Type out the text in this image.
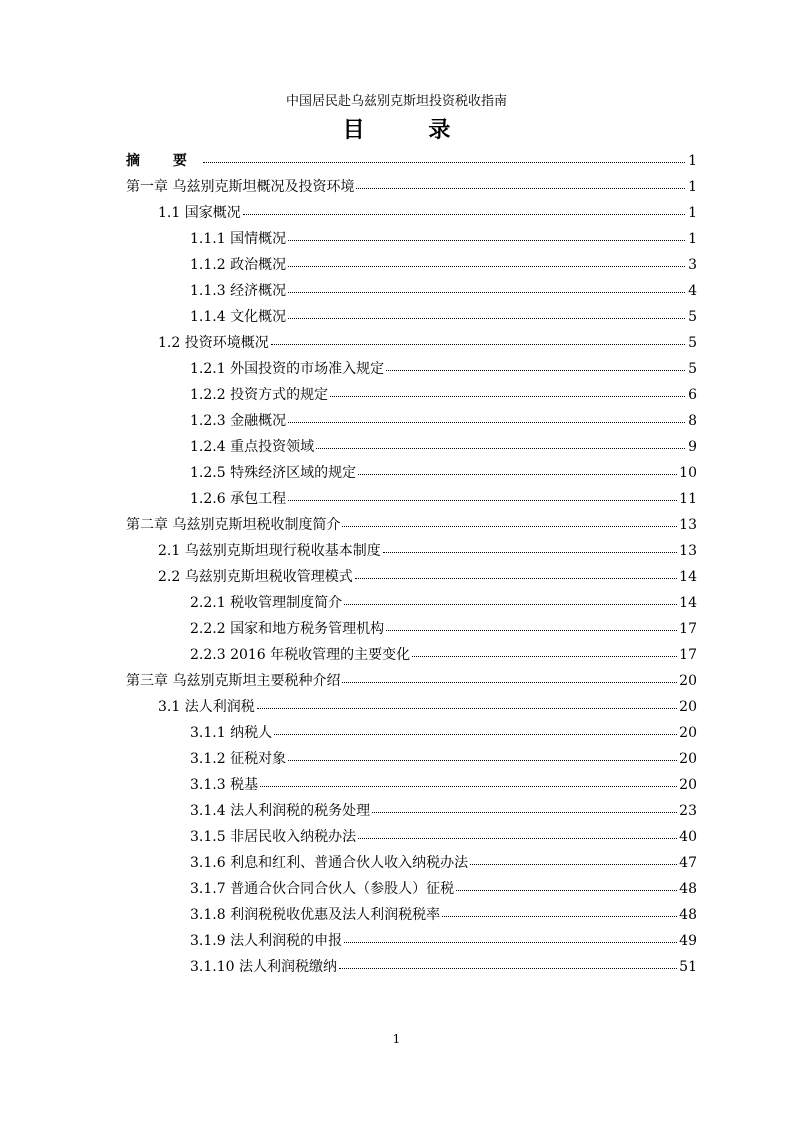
中国居民赴乌兹别克斯坦投资税收指南
目 录
摘 要	1
第一章 乌兹别克斯坦概况及投资环境	1
1.1 国家概况	1
1.1.1 国情概况	1
1.1.2 政治概况	3
1.1.3 经济概况	4
1.1.4 文化概况	5
1.2 投资环境概况	5
1.2.1 外国投资的市场准入规定	5
1.2.2 投资方式的规定	6
1.2.3 金融概况	8
1.2.4 重点投资领域	9
1.2.5 特殊经济区域的规定	10
1.2.6 承包工程	11
第二章 乌兹别克斯坦税收制度简介	13
2.1 乌兹别克斯坦现行税收基本制度	13
2.2 乌兹别克斯坦税收管理模式	14
2.2.1 税收管理制度简介	14
2.2.2 国家和地方税务管理机构	17
2.2.3 2016 年税收管理的主要变化	17
第三章 乌兹别克斯坦主要税种介绍	20
3.1 法人利润税	20
3.1.1 纳税人	20
3.1.2 征税对象	20
3.1.3 税基	20
3.1.4 法人利润税的税务处理	23
3.1.5 非居民收入纳税办法	40
3.1.6 利息和红利、普通合伙人收入纳税办法	47
3.1.7 普通合伙合同合伙人（参股人）征税	48
3.1.8 利润税税收优惠及法人利润税税率	48
3.1.9 法人利润税的申报	49
3.1.10 法人利润税缴纳	51
1
